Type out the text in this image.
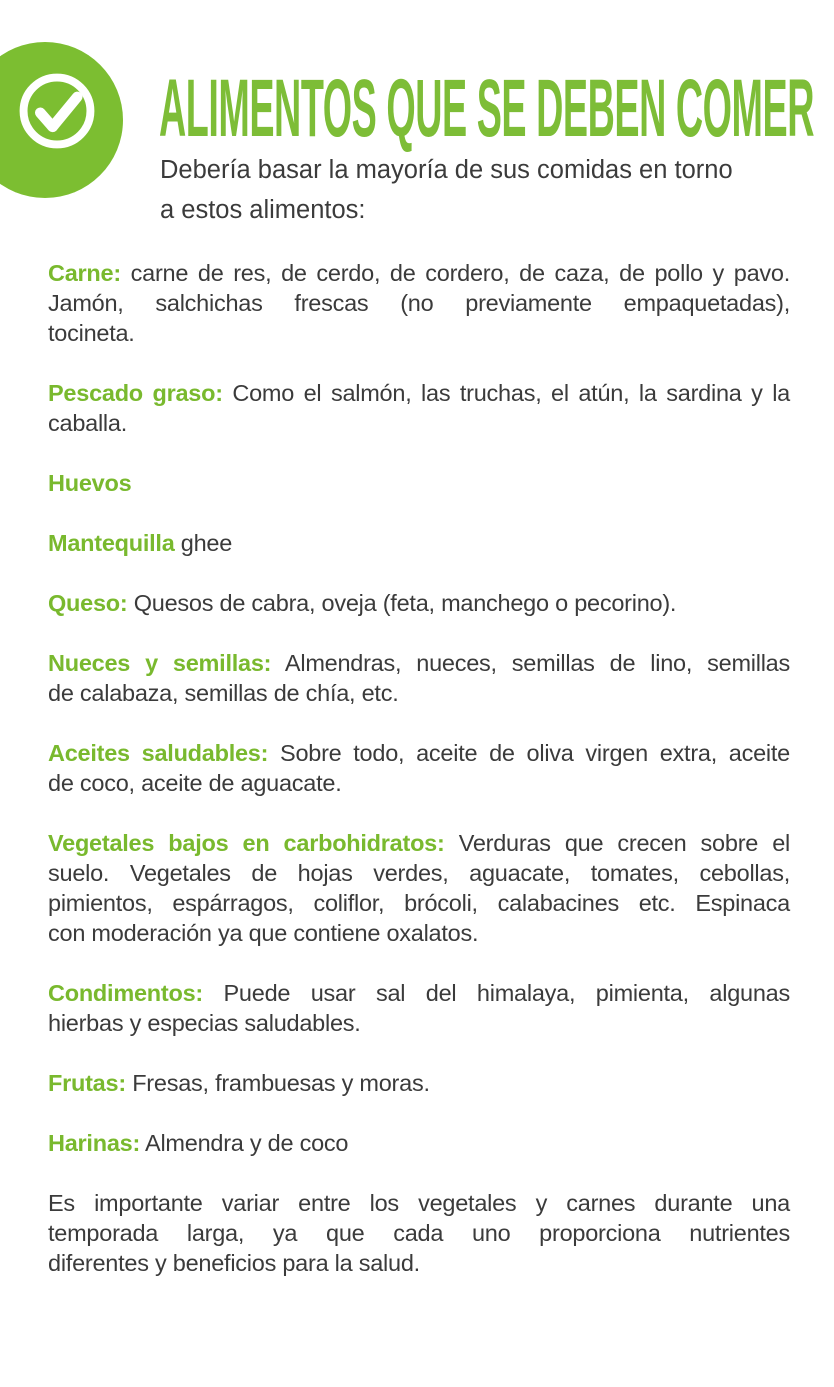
ALIMENTOS QUE SE DEBEN COMER
Debería basar la mayoría de sus comidas en torno
a estos alimentos:
Carne: carne de res, de cerdo, de cordero, de caza, de pollo y pavo.
Jamón, salchichas frescas (no previamente empaquetadas),
tocineta.
Pescado graso: Como el salmón, las truchas, el atún, la sardina y la
caballa.
Huevos
Mantequilla ghee
Queso: Quesos de cabra, oveja (feta, manchego o pecorino).
Nueces y semillas: Almendras, nueces, semillas de lino, semillas
de calabaza, semillas de chía, etc.
Aceites saludables: Sobre todo, aceite de oliva virgen extra, aceite
de coco, aceite de aguacate.
Vegetales bajos en carbohidratos: Verduras que crecen sobre el
suelo. Vegetales de hojas verdes, aguacate, tomates, cebollas,
pimientos, espárragos, coliflor, brócoli, calabacines etc. Espinaca
con moderación ya que contiene oxalatos.
Condimentos: Puede usar sal del himalaya, pimienta, algunas
hierbas y especias saludables.
Frutas: Fresas, frambuesas y moras.
Harinas: Almendra y de coco
Es importante variar entre los vegetales y carnes durante una
temporada larga, ya que cada uno proporciona nutrientes
diferentes y beneficios para la salud.
